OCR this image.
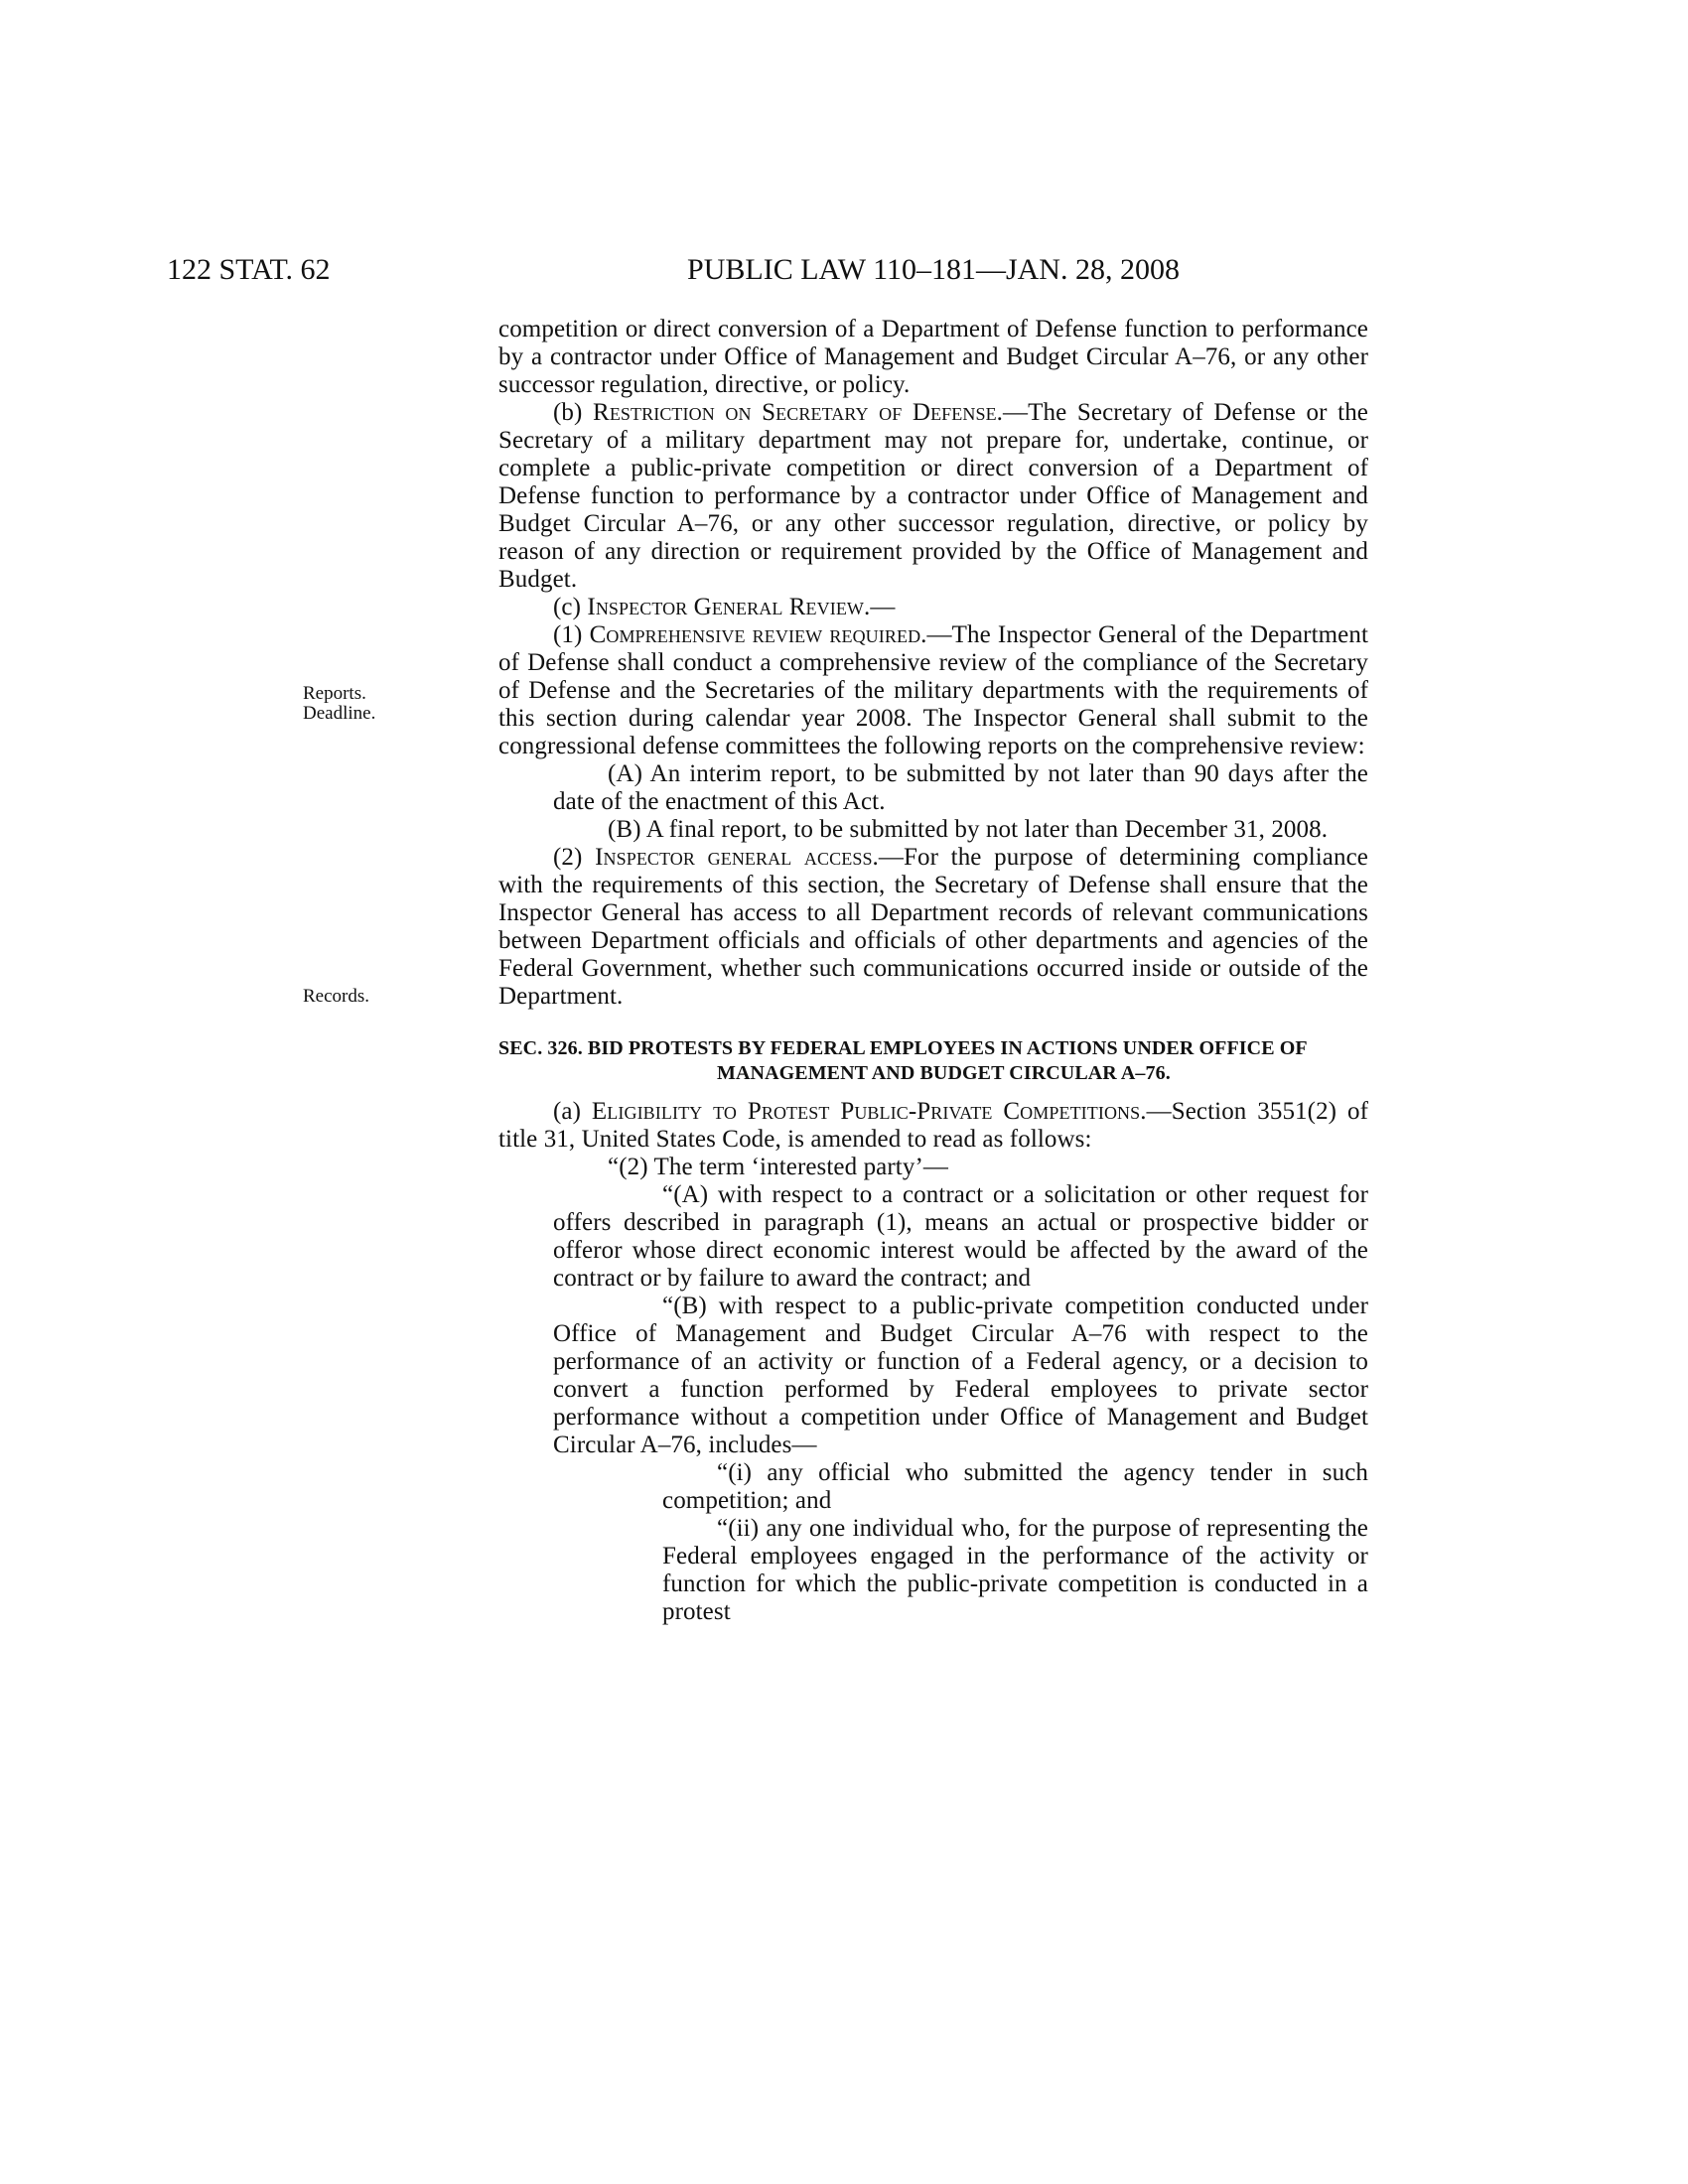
122 STAT. 62	PUBLIC LAW 110–181—JAN. 28, 2008
Reports.
Deadline.
Records.

competition or direct conversion of a Department of Defense function to performance by a contractor under Office of Management and Budget Circular A–76, or any other successor regulation, directive, or policy.

(b) Restriction on Secretary of Defense.—The Secretary of Defense or the Secretary of a military department may not prepare for, undertake, continue, or complete a public-private competition or direct conversion of a Department of Defense function to performance by a contractor under Office of Management and Budget Circular A–76, or any other successor regulation, directive, or policy by reason of any direction or requirement provided by the Office of Management and Budget.

(c) Inspector General Review.—

(1) Comprehensive review required.—The Inspector General of the Department of Defense shall conduct a comprehensive review of the compliance of the Secretary of Defense and the Secretaries of the military departments with the requirements of this section during calendar year 2008. The Inspector General shall submit to the congressional defense committees the following reports on the comprehensive review:

(A) An interim report, to be submitted by not later than 90 days after the date of the enactment of this Act.

(B) A final report, to be submitted by not later than December 31, 2008.

(2) Inspector general access.—For the purpose of determining compliance with the requirements of this section, the Secretary of Defense shall ensure that the Inspector General has access to all Department records of relevant communications between Department officials and officials of other departments and agencies of the Federal Government, whether such communications occurred inside or outside of the Department.

SEC. 326. BID PROTESTS BY FEDERAL EMPLOYEES IN ACTIONS UNDER OFFICE OF MANAGEMENT AND BUDGET CIRCULAR A–76.

(a) Eligibility to Protest Public-Private Competitions.—Section 3551(2) of title 31, United States Code, is amended to read as follows:

“(2) The term ‘interested party’—

“(A) with respect to a contract or a solicitation or other request for offers described in paragraph (1), means an actual or prospective bidder or offeror whose direct economic interest would be affected by the award of the contract or by failure to award the contract; and

“(B) with respect to a public-private competition conducted under Office of Management and Budget Circular A–76 with respect to the performance of an activity or function of a Federal agency, or a decision to convert a function performed by Federal employees to private sector performance without a competition under Office of Management and Budget Circular A–76, includes—

“(i) any official who submitted the agency tender in such competition; and

“(ii) any one individual who, for the purpose of representing the Federal employees engaged in the performance of the activity or function for which the public-private competition is conducted in a protest
